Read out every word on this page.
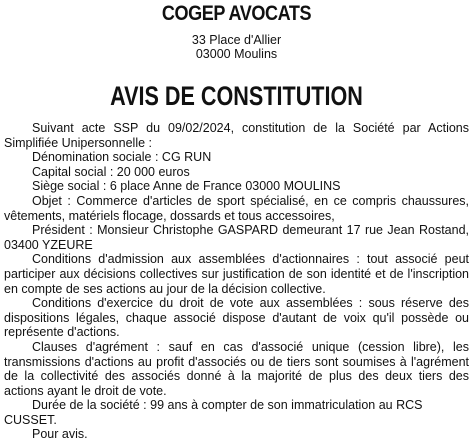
COGEP AVOCATS
33 Place d'Allier
03000 Moulins
AVIS DE CONSTITUTION

Suivant acte SSP du 09/02/2024, constitution de la Société par Actions Simplifiée Unipersonnelle :

Dénomination sociale : CG RUN

Capital social : 20 000 euros

Siège social : 6 place Anne de France 03000 MOULINS

Objet : Commerce d'articles de sport spécialisé, en ce compris chaussures, vêtements, matériels flocage, dossards et tous accessoires,

Président : Monsieur Christophe GASPARD demeurant 17 rue Jean Rostand, 03400 YZEURE

Conditions d'admission aux assemblées d'actionnaires : tout associé peut participer aux décisions collectives sur justification de son identité et de l'inscription en compte de ses actions au jour de la décision collective.

Conditions d'exercice du droit de vote aux assemblées : sous réserve des dispositions légales, chaque associé dispose d'autant de voix qu'il possède ou représente d'actions.

Clauses d'agrément : sauf en cas d'associé unique (cession libre), les transmissions d'actions au profit d'associés ou de tiers sont soumises à l'agrément de la collectivité des associés donné à la majorité de plus des deux tiers des actions ayant le droit de vote.

Durée de la société : 99 ans à compter de son immatriculation au RCS CUSSET.

Pour avis.
